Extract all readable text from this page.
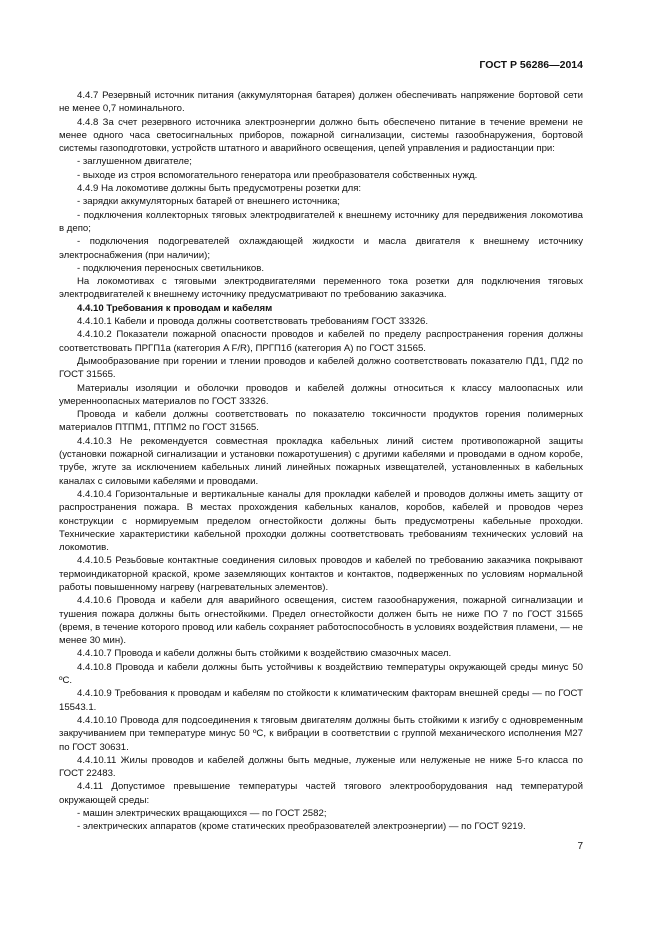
ГОСТ Р 56286—2014

4.4.7 Резервный источник питания (аккумуляторная батарея) должен обеспечивать напряжение бортовой сети не менее 0,7 номинального.

4.4.8 За счет резервного источника электроэнергии должно быть обеспечено питание в течение времени не менее одного часа светосигнальных приборов, пожарной сигнализации, системы газообнаружения, бортовой системы газоподготовки, устройств штатного и аварийного освещения, цепей управления и радиостанции при:

- заглушенном двигателе;

- выходе из строя вспомогательного генератора или преобразователя собственных нужд.

4.4.9 На локомотиве должны быть предусмотрены розетки для:

- зарядки аккумуляторных батарей от внешнего источника;

- подключения коллекторных тяговых электродвигателей к внешнему источнику для передвижения локомотива в депо;

- подключения подогревателей охлаждающей жидкости и масла двигателя к внешнему источнику электроснабжения (при наличии);

- подключения переносных светильников.

На локомотивах с тяговыми электродвигателями переменного тока розетки для подключения тяговых электродвигателей к внешнему источнику предусматривают по требованию заказчика.

4.4.10 Требования к проводам и кабелям

4.4.10.1 Кабели и провода должны соответствовать требованиям ГОСТ 33326.

4.4.10.2 Показатели пожарной опасности проводов и кабелей по пределу распространения горения должны соответствовать ПРГП1а (категория A F/R), ПРГП1б (категория А) по ГОСТ 31565.

Дымообразование при горении и тлении проводов и кабелей должно соответствовать показателю ПД1, ПД2 по ГОСТ 31565.

Материалы изоляции и оболочки проводов и кабелей должны относиться к классу малоопасных или умеренноопасных материалов по ГОСТ 33326.

Провода и кабели должны соответствовать по показателю токсичности продуктов горения полимерных материалов ПТПМ1, ПТПМ2 по ГОСТ 31565.

4.4.10.3 Не рекомендуется совместная прокладка кабельных линий систем противопожарной защиты (установки пожарной сигнализации и установки пожаротушения) с другими кабелями и проводами в одном коробе, трубе, жгуте за исключением кабельных линий линейных пожарных извещателей, установленных в кабельных каналах с силовыми кабелями и проводами.

4.4.10.4 Горизонтальные и вертикальные каналы для прокладки кабелей и проводов должны иметь защиту от распространения пожара. В местах прохождения кабельных каналов, коробов, кабелей и проводов через конструкции с нормируемым пределом огнестойкости должны быть предусмотрены кабельные проходки. Технические характеристики кабельной проходки должны соответствовать требованиям технических условий на локомотив.

4.4.10.5 Резьбовые контактные соединения силовых проводов и кабелей по требованию заказчика покрывают термоиндикаторной краской, кроме заземляющих контактов и контактов, подверженных по условиям нормальной работы повышенному нагреву (нагревательных элементов).

4.4.10.6 Провода и кабели для аварийного освещения, систем газообнаружения, пожарной сигнализации и тушения пожара должны быть огнестойкими. Предел огнестойкости должен быть не ниже ПО 7 по ГОСТ 31565 (время, в течение которого провод или кабель сохраняет работоспособность в условиях воздействия пламени, — не менее 30 мин).

4.4.10.7 Провода и кабели должны быть стойкими к воздействию смазочных масел.

4.4.10.8 Провода и кабели должны быть устойчивы к воздействию температуры окружающей среды минус 50 ºС.

4.4.10.9 Требования к проводам и кабелям по стойкости к климатическим факторам внешней среды — по ГОСТ 15543.1.

4.4.10.10 Провода для подсоединения к тяговым двигателям должны быть стойкими к изгибу с одновременным закручиванием при температуре минус 50 ºС, к вибрации в соответствии с группой механического исполнения М27 по ГОСТ 30631.

4.4.10.11 Жилы проводов и кабелей должны быть медные, луженые или нелуженые не ниже 5-го класса по ГОСТ 22483.

4.4.11 Допустимое превышение температуры частей тягового электрооборудования над температурой окружающей среды:

- машин электрических вращающихся — по ГОСТ 2582;

- электрических аппаратов (кроме статических преобразователей электроэнергии) — по ГОСТ 9219.

7
